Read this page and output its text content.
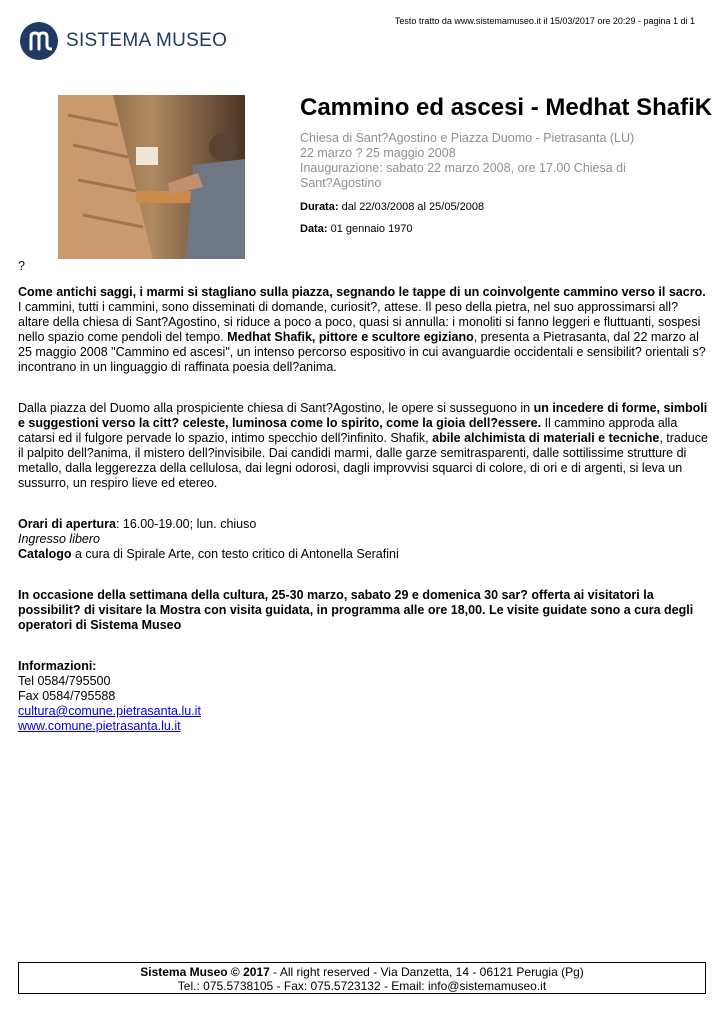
Testo tratto da www.sistemamuseo.it il 15/03/2017 ore 20:29 - pagina 1 di 1
SISTEMA MUSEO
Cammino ed ascesi - Medhat ShafiK
Chiesa di Sant?Agostino e Piazza Duomo - Pietrasanta (LU)
22 marzo ? 25 maggio 2008
Inaugurazione: sabato 22 marzo 2008, ore 17.00 Chiesa di Sant?Agostino
Durata: dal 22/03/2008 al 25/05/2008
Data: 01 gennaio 1970
?

Come antichi saggi, i marmi si stagliano sulla piazza, segnando le tappe di un coinvolgente cammino verso il sacro. I cammini, tutti i cammini, sono disseminati di domande, curiosit?, attese. Il peso della pietra, nel suo approssimarsi all?altare della chiesa di Sant?Agostino, si riduce a poco a poco, quasi si annulla: i monoliti si fanno leggeri e fluttuanti, sospesi nello spazio come pendoli del tempo. Medhat Shafik, pittore e scultore egiziano, presenta a Pietrasanta, dal 22 marzo al 25 maggio 2008 "Cammino ed ascesi", un intenso percorso espositivo in cui avanguardie occidentali e sensibilit? orientali s?incontrano in un linguaggio di raffinata poesia dell?anima.

Dalla piazza del Duomo alla prospiciente chiesa di Sant?Agostino, le opere si susseguono in un incedere di forme, simboli e suggestioni verso la citt? celeste, luminosa come lo spirito, come la gioia dell?essere. Il cammino approda alla catarsi ed il fulgore pervade lo spazio, intimo specchio dell?infinito. Shafik, abile alchimista di materiali e tecniche, traduce il palpito dell?anima, il mistero dell?invisibile. Dai candidi marmi, dalle garze semitrasparenti, dalle sottilissime strutture di metallo, dalla leggerezza della cellulosa, dai legni odorosi, dagli improvvisi squarci di colore, di ori e di argenti, si leva un sussurro, un respiro lieve ed etereo.

Orari di apertura: 16.00-19.00; lun. chiuso

Ingresso libero

Catalogo a cura di Spirale Arte, con testo critico di Antonella Serafini

In occasione della settimana della cultura, 25-30 marzo, sabato 29 e domenica 30 sar? offerta ai visitatori la possibilit? di visitare la Mostra con visita guidata, in programma alle ore 18,00. Le visite guidate sono a cura degli operatori di Sistema Museo

Informazioni:

Tel 0584/795500

Fax 0584/795588

cultura@comune.pietrasanta.lu.it

www.comune.pietrasanta.lu.it

Sistema Museo © 2017 - All right reserved - Via Danzetta, 14 - 06121 Perugia (Pg)
Tel.: 075.5738105 - Fax: 075.5723132 - Email: info@sistemamuseo.it
